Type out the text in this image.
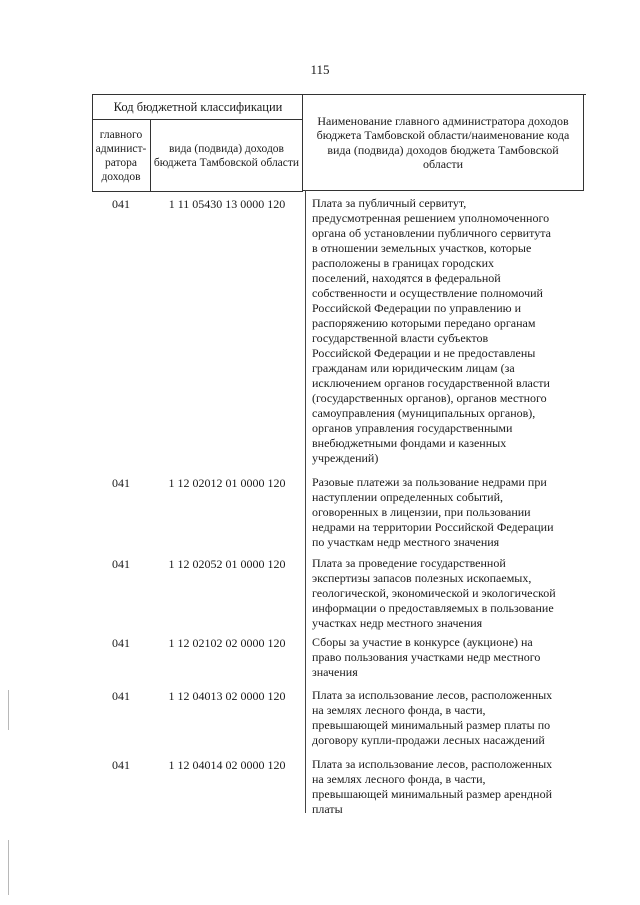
115
Код бюджетной классификации
главного админист-ратора доходов
вида (подвида) доходов бюджета Тамбовской области
Наименование главного администратора доходов бюджета Тамбовской области/наименование кода вида (подвида) доходов бюджета Тамбовской области
041	1 11 05430 13 0000 120	Плата за публичный сервитут,
предусмотренная решением уполномоченного
органа об установлении публичного сервитута
в отношении земельных участков, которые
расположены в границах городских
поселений, находятся в федеральной
собственности и осуществление полномочий
Российской Федерации по управлению и
распоряжению которыми передано органам
государственной власти субъектов
Российской Федерации и не предоставлены
гражданам или юридическим лицам (за
исключением органов государственной власти
(государственных органов), органов местного
самоуправления (муниципальных органов),
органов управления государственными
внебюджетными фондами и казенных
учреждений)
041	1 12 02012 01 0000 120	Разовые платежи за пользование недрами при
наступлении определенных событий,
оговоренных в лицензии, при пользовании
недрами на территории Российской Федерации
по участкам недр местного значения
041	1 12 02052 01 0000 120	Плата за проведение государственной
экспертизы запасов полезных ископаемых,
геологической, экономической и экологической
информации о предоставляемых в пользование
участках недр местного значения
041	1 12 02102 02 0000 120	Сборы за участие в конкурсе (аукционе) на
право пользования участками недр местного
значения
041	1 12 04013 02 0000 120	Плата за использование лесов, расположенных
на землях лесного фонда, в части,
превышающей минимальный размер платы по
договору купли-продажи лесных насаждений
041	1 12 04014 02 0000 120	Плата за использование лесов, расположенных
на землях лесного фонда, в части,
превышающей минимальный размер арендной
платы
